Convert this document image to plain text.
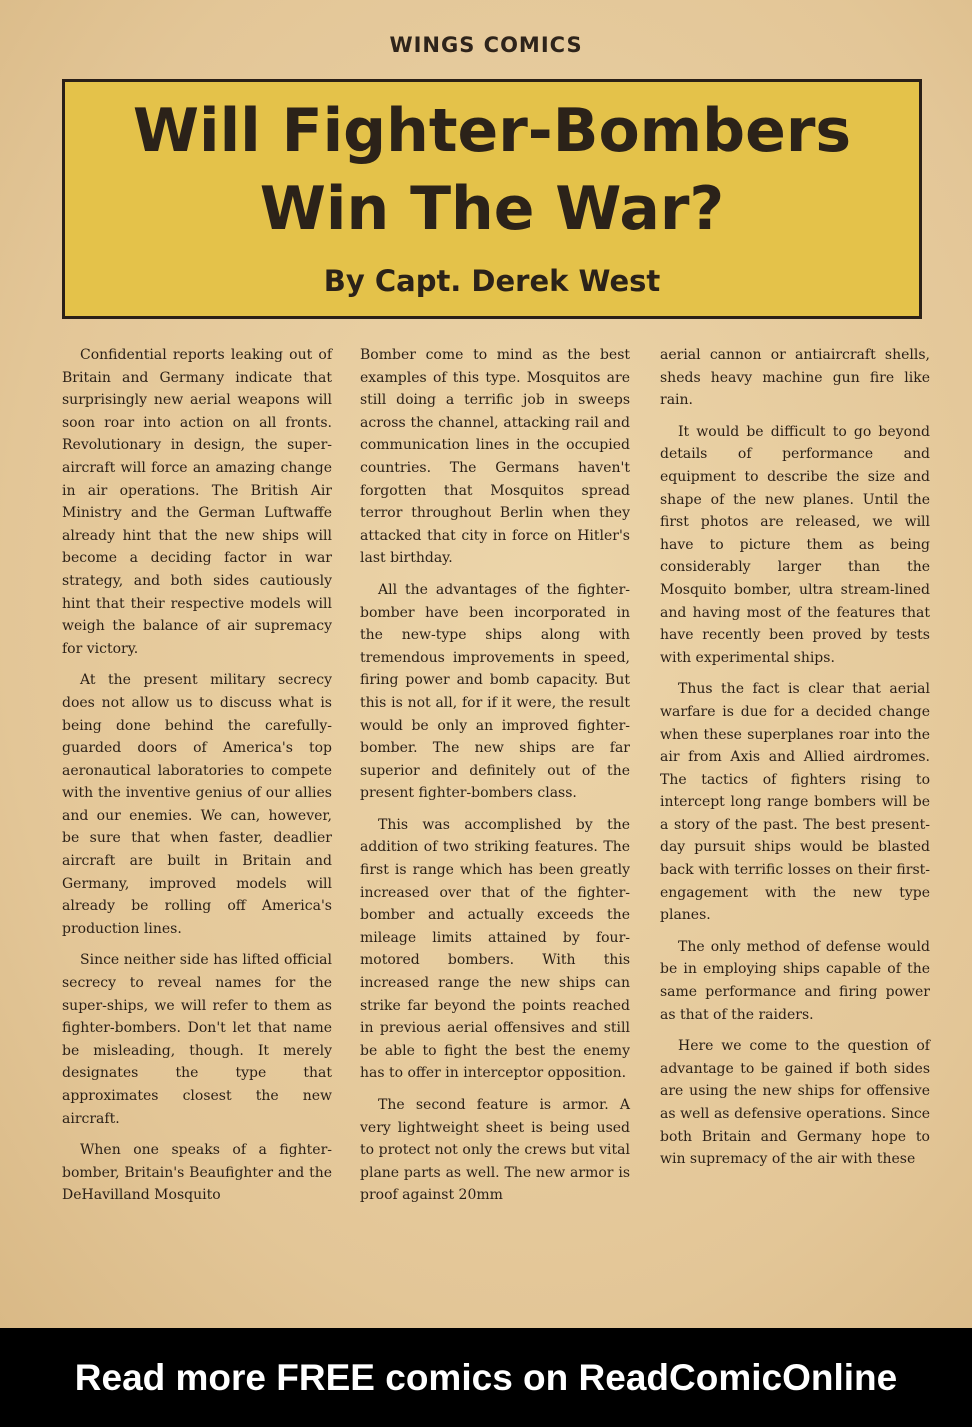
WINGS COMICS
Will Fighter-Bombers
Win The War?
By Capt. Derek West

Confidential reports leaking out of Britain and Germany indicate that surprisingly new aerial weapons will soon roar into action on all fronts. Revolutionary in design, the super-aircraft will force an amazing change in air operations. The British Air Ministry and the German Luftwaffe already hint that the new ships will become a deciding factor in war strategy, and both sides cautiously hint that their respective models will weigh the balance of air supremacy for victory.

At the present military secrecy does not allow us to discuss what is being done behind the carefully-guarded doors of America's top aeronautical laboratories to compete with the inventive genius of our allies and our enemies. We can, however, be sure that when faster, deadlier aircraft are built in Britain and Germany, improved models will already be rolling off America's production lines.

Since neither side has lifted official secrecy to reveal names for the super-ships, we will refer to them as fighter-bombers. Don't let that name be misleading, though. It merely designates the type that approximates closest the new aircraft.

When one speaks of a fighter-bomber, Britain's Beaufighter and the DeHavilland Mosquito

Bomber come to mind as the best examples of this type. Mosquitos are still doing a terrific job in sweeps across the channel, attacking rail and communication lines in the occupied countries. The Germans haven't forgotten that Mosquitos spread terror throughout Berlin when they attacked that city in force on Hitler's last birthday.

All the advantages of the fighter-bomber have been incorporated in the new-type ships along with tremendous improvements in speed, firing power and bomb capacity. But this is not all, for if it were, the result would be only an improved fighter-bomber. The new ships are far superior and definitely out of the present fighter-bombers class.

This was accomplished by the addition of two striking features. The first is range which has been greatly increased over that of the fighter-bomber and actually exceeds the mileage limits attained by four-motored bombers. With this increased range the new ships can strike far beyond the points reached in previous aerial offensives and still be able to fight the best the enemy has to offer in interceptor opposition.

The second feature is armor. A very lightweight sheet is being used to protect not only the crews but vital plane parts as well. The new armor is proof against 20mm

aerial cannon or antiaircraft shells, sheds heavy machine gun fire like rain.

It would be difficult to go beyond details of performance and equipment to describe the size and shape of the new planes. Until the first photos are released, we will have to picture them as being considerably larger than the Mosquito bomber, ultra stream-lined and having most of the features that have recently been proved by tests with experimental ships.

Thus the fact is clear that aerial warfare is due for a decided change when these superplanes roar into the air from Axis and Allied airdromes. The tactics of fighters rising to intercept long range bombers will be a story of the past. The best present-day pursuit ships would be blasted back with terrific losses on their first-engagement with the new type planes.

The only method of defense would be in employing ships capable of the same performance and firing power as that of the raiders.

Here we come to the question of advantage to be gained if both sides are using the new ships for offensive as well as defensive operations. Since both Britain and Germany hope to win supremacy of the air with these

Read more FREE comics on ReadComicOnline
